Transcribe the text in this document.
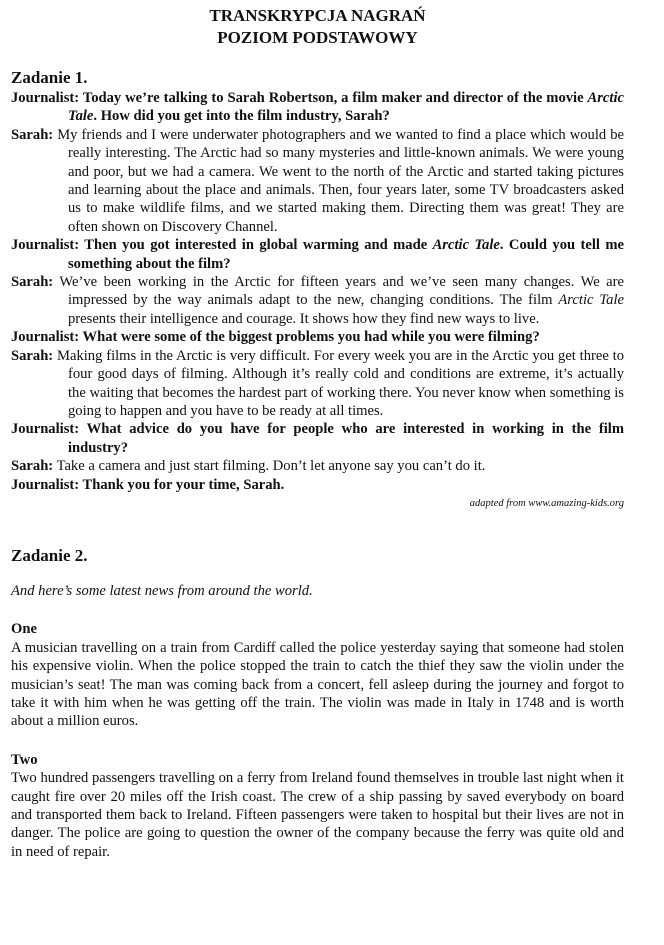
TRANSKRYPCJA NAGRAŃ
POZIOM PODSTAWOWY
Zadanie 1.
Journalist: Today we’re talking to Sarah Robertson, a film maker and director of the movie Arctic Tale. How did you get into the film industry, Sarah?
Sarah: My friends and I were underwater photographers and we wanted to find a place which would be really interesting. The Arctic had so many mysteries and little-known animals. We were young and poor, but we had a camera. We went to the north of the Arctic and started taking pictures and learning about the place and animals. Then, four years later, some TV broadcasters asked us to make wildlife films, and we started making them. Directing them was great! They are often shown on Discovery Channel.
Journalist: Then you got interested in global warming and made Arctic Tale. Could you tell me something about the film?
Sarah: We’ve been working in the Arctic for fifteen years and we’ve seen many changes. We are impressed by the way animals adapt to the new, changing conditions. The film Arctic Tale presents their intelligence and courage. It shows how they find new ways to live.
Journalist: What were some of the biggest problems you had while you were filming?
Sarah: Making films in the Arctic is very difficult. For every week you are in the Arctic you get three to four good days of filming. Although it’s really cold and conditions are extreme, it’s actually the waiting that becomes the hardest part of working there. You never know when something is going to happen and you have to be ready at all times.
Journalist: What advice do you have for people who are interested in working in the film industry?
Sarah: Take a camera and just start filming. Don’t let anyone say you can’t do it.
Journalist: Thank you for your time, Sarah.
adapted from www.amazing-kids.org
Zadanie 2.
And here’s some latest news from around the world.
One
A musician travelling on a train from Cardiff called the police yesterday saying that someone had stolen his expensive violin. When the police stopped the train to catch the thief they saw the violin under the musician’s seat! The man was coming back from a concert, fell asleep during the journey and forgot to take it with him when he was getting off the train. The violin was made in Italy in 1748 and is worth about a million euros.
Two
Two hundred passengers travelling on a ferry from Ireland found themselves in trouble last night when it caught fire over 20 miles off the Irish coast. The crew of a ship passing by saved everybody on board and transported them back to Ireland. Fifteen passengers were taken to hospital but their lives are not in danger. The police are going to question the owner of the company because the ferry was quite old and in need of repair.
